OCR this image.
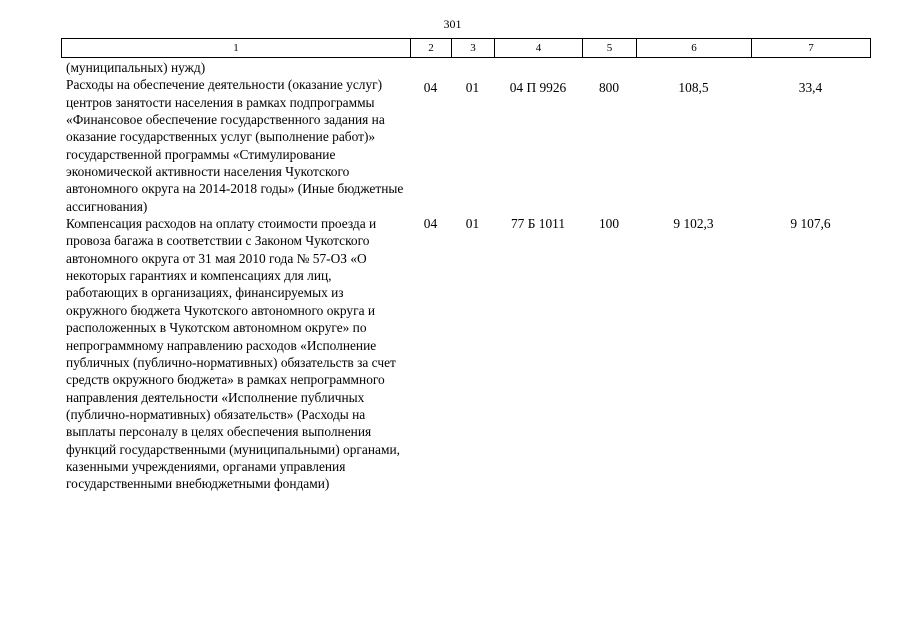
301
1	2	3	4	5	6	7
(муниципальных) нужд)
Расходы на обеспечение деятельности (оказание услуг) центров занятости населения в рамках подпрограммы «Финансовое обеспечение государственного задания на оказание государственных услуг (выполнение работ)» государственной программы «Стимулирование экономической активности населения Чукотского автономного округа на 2014-2018 годы» (Иные бюджетные ассигнования)	04	01	04 П 9926	800	108,5	33,4
Компенсация расходов на оплату стоимости проезда и провоза багажа в соответствии с Законом Чукотского автономного округа от 31 мая 2010 года № 57-ОЗ «О некоторых гарантиях и компенсациях для лиц, работающих в организациях, финансируемых из окружного бюджета Чукотского автономного округа и расположенных в Чукотском автономном округе» по непрограммному направлению расходов «Исполнение публичных (публично-нормативных) обязательств за счет средств окружного бюджета» в рамках непрограммного направления деятельности «Исполнение публичных (публично-нормативных) обязательств» (Расходы на выплаты персоналу в целях обеспечения выполнения функций государственными (муниципальными) органами, казенными учреждениями, органами управления государственными внебюджетными фондами)	04	01	77 Б 1011	100	9 102,3	9 107,6
